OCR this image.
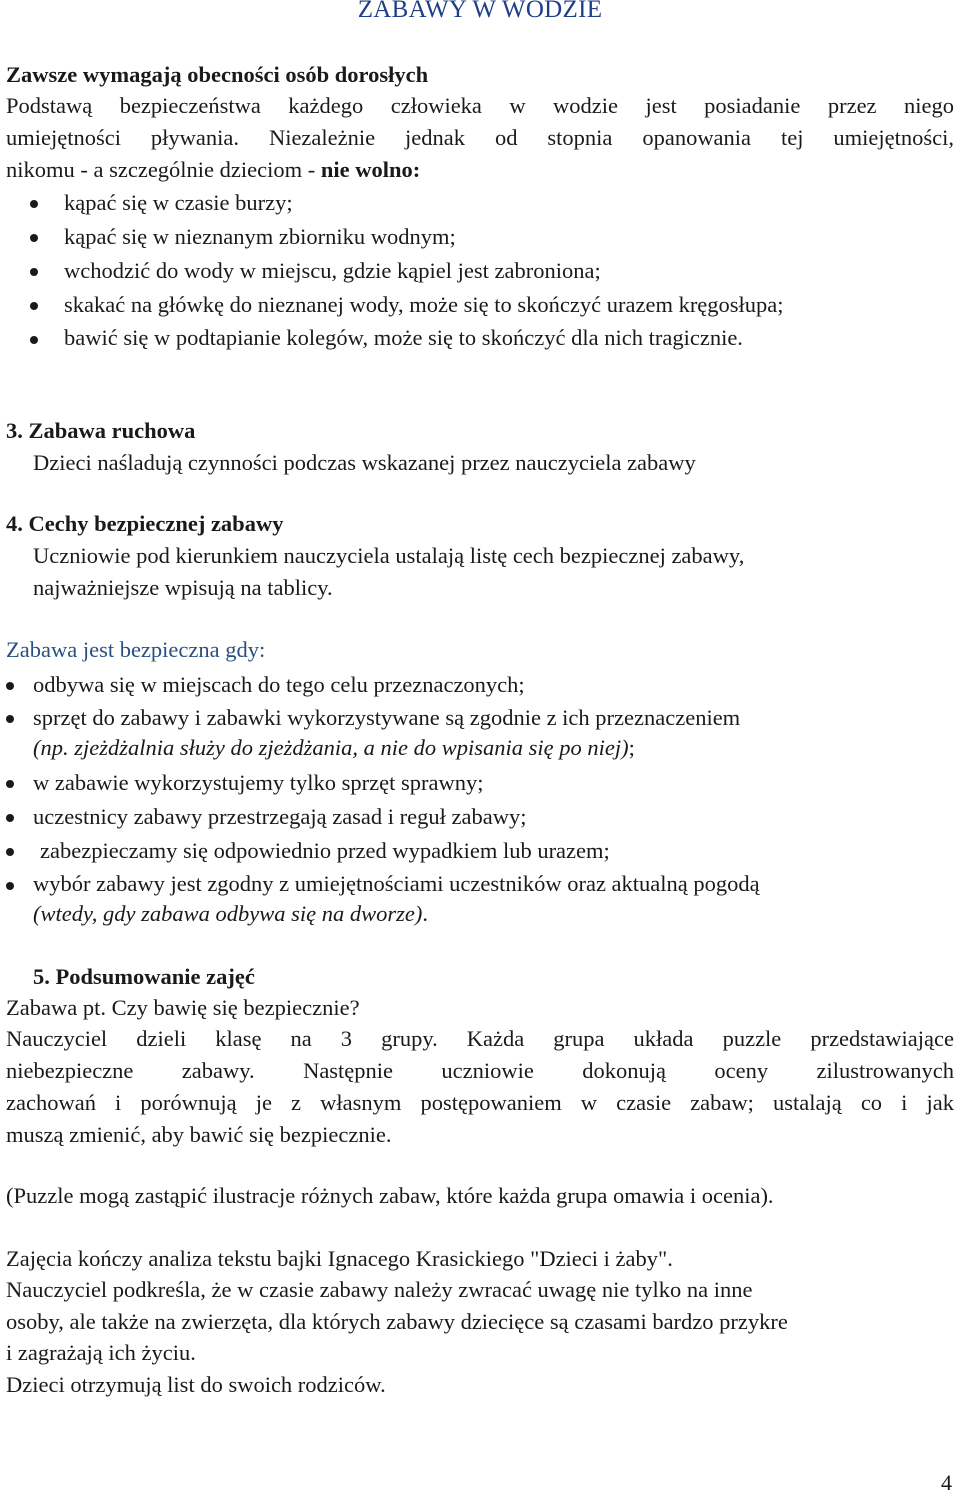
ZABAWY W WODZIE
Zawsze wymagają obecności osób dorosłych
Podstawą bezpieczeństwa każdego człowieka w wodzie jest posiadanie przez niego
umiejętności pływania. Niezależnie jednak od stopnia opanowania tej umiejętności,
nikomu - a szczególnie dzieciom - nie wolno:
kąpać się w czasie burzy;
kąpać się w nieznanym zbiorniku wodnym;
wchodzić do wody w miejscu, gdzie kąpiel jest zabroniona;
skakać na główkę do nieznanej wody, może się to skończyć urazem kręgosłupa;
bawić się w podtapianie kolegów, może się to skończyć dla nich tragicznie.
3. Zabawa ruchowa
Dzieci naśladują czynności podczas wskazanej przez nauczyciela zabawy
4. Cechy bezpiecznej zabawy
Uczniowie pod kierunkiem nauczyciela ustalają listę cech bezpiecznej zabawy,
najważniejsze wpisują na tablicy.
Zabawa jest bezpieczna gdy:
odbywa się w miejscach do tego celu przeznaczonych;
sprzęt do zabawy i zabawki wykorzystywane są zgodnie z ich przeznaczeniem
(np. zjeżdżalnia służy do zjeżdżania, a nie do wpisania się po niej);
w zabawie wykorzystujemy tylko sprzęt sprawny;
uczestnicy zabawy przestrzegają zasad i reguł zabawy;
zabezpieczamy się odpowiednio przed wypadkiem lub urazem;
wybór zabawy jest zgodny z umiejętnościami uczestników oraz aktualną pogodą
(wtedy, gdy zabawa odbywa się na dworze).
5. Podsumowanie zajęć
Zabawa pt. Czy bawię się bezpiecznie?
Nauczyciel dzieli klasę na 3 grupy. Każda grupa układa puzzle przedstawiające
niebezpieczne zabawy. Następnie uczniowie dokonują oceny zilustrowanych
zachowań i porównują je z własnym postępowaniem w czasie zabaw; ustalają co i jak
muszą zmienić, aby bawić się bezpiecznie.
(Puzzle mogą zastąpić ilustracje różnych zabaw, które każda grupa omawia i ocenia).
Zajęcia kończy analiza tekstu bajki Ignacego Krasickiego "Dzieci i żaby".
Nauczyciel podkreśla, że w czasie zabawy należy zwracać uwagę nie tylko na inne
osoby, ale także na zwierzęta, dla których zabawy dziecięce są czasami bardzo przykre
i zagrażają ich życiu.
Dzieci otrzymują list do swoich rodziców.
4
